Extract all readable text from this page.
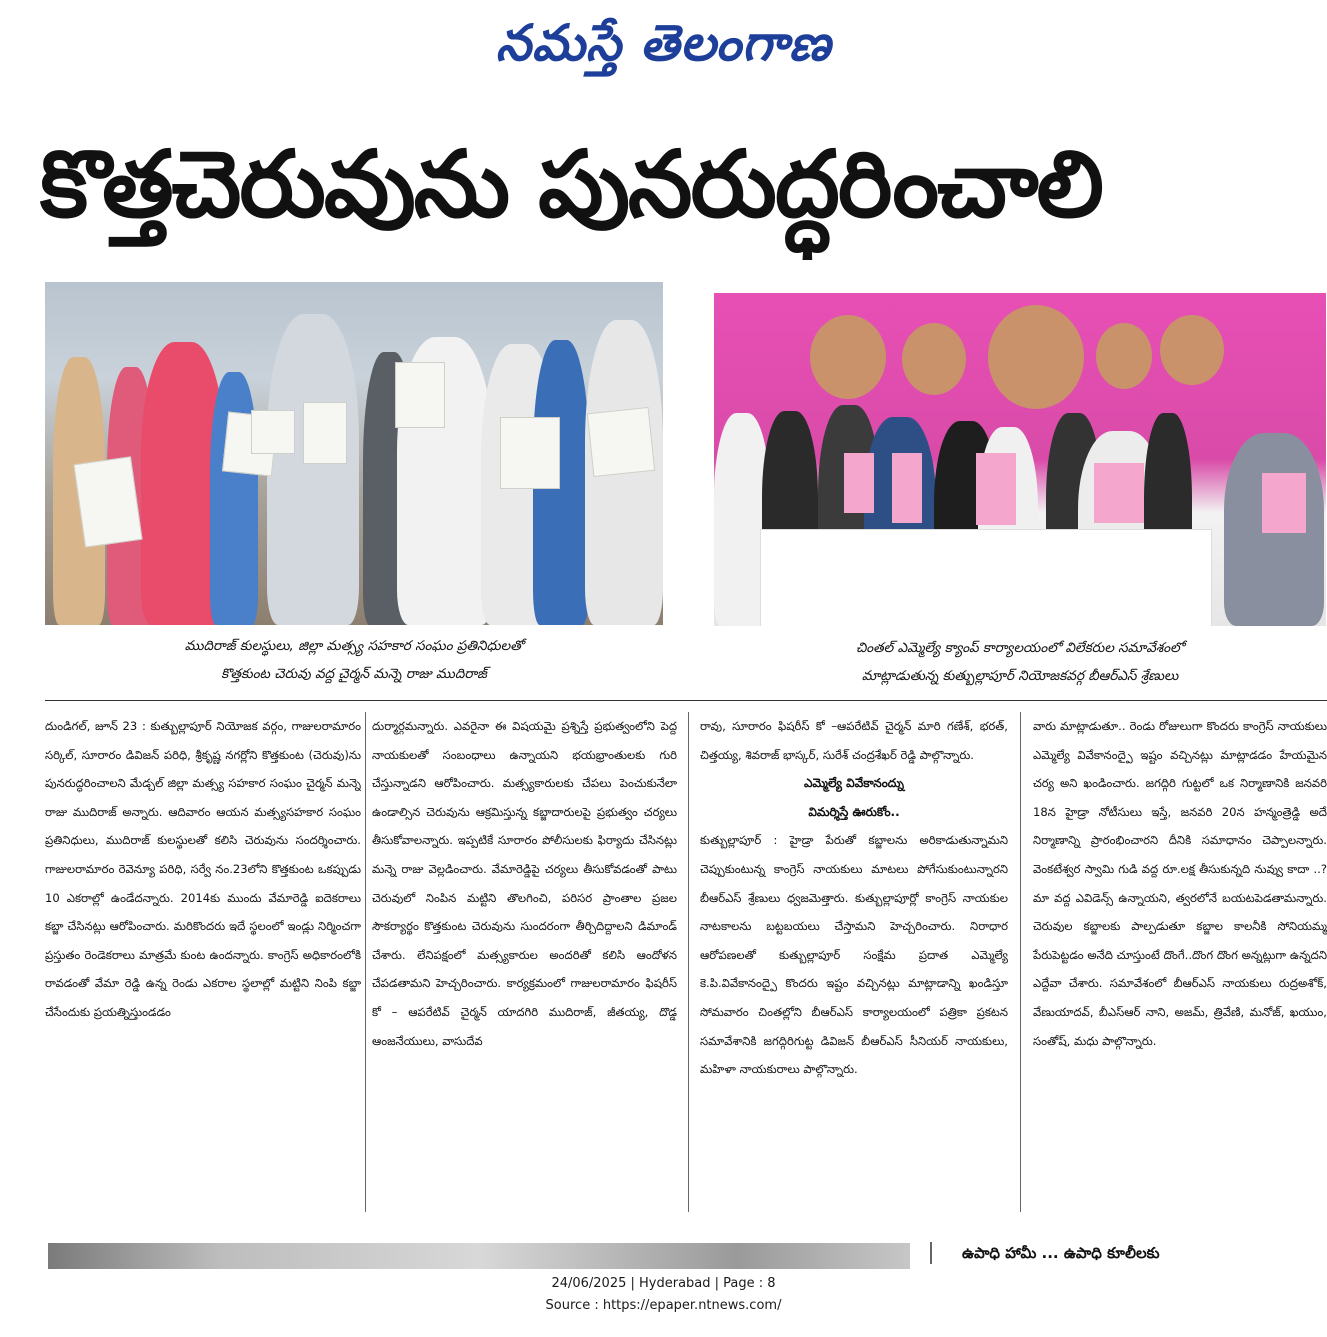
నమస్తే తెలంగాణ
కొత్తచెరువును పునరుద్ధరించాలి
ముదిరాజ్ కులస్థులు, జిల్లా మత్స్య సహకార సంఘం ప్రతినిధులతో
కొత్తకుంట చెరువు వద్ద చైర్మన్ మన్నె రాజు ముదిరాజ్
చింతల్ ఎమ్మెల్యే క్యాంప్ కార్యాలయంలో విలేకరుల సమావేశంలో
మాట్లాడుతున్న కుత్బుల్లాపూర్ నియోజకవర్గ బీఆర్ఎస్ శ్రేణులు
దుండిగల్, జూన్ 23 : కుత్బుల్లాపూర్ నియోజక వర్గం, గాజులరామారం సర్కిల్, సూరారం డివిజన్ పరిధి, శ్రీకృష్ణ నగర్లోని కొత్తకుంట (చెరువు)ను పునరుద్ధరించాలని మేడ్చల్ జిల్లా మత్స్య సహకార సంఘం చైర్మన్ మన్నె రాజు ముదిరాజ్ అన్నారు. ఆదివారం ఆయన మత్స్యసహకార సంఘం ప్రతినిధులు, ముదిరాజ్ కులస్థులతో కలిసి చెరువును సందర్శించారు. గాజులరామారం రెవెన్యూ పరిధి, సర్వే నం.23లోని కొత్తకుంట ఒకప్పుడు 10 ఎకరాల్లో ఉండేదన్నారు. 2014కు ముందు వేమారెడ్డి ఐదెకరాలు కబ్జా చేసినట్లు ఆరోపించారు. మరికొందరు ఇదే స్థలంలో ఇండ్లు నిర్మించగా ప్రస్తుతం రెండెకరాలు మాత్రమే కుంట ఉందన్నారు. కాంగ్రెస్ అధికారంలోకి రావడంతో వేమా రెడ్డి ఉన్న రెండు ఎకరాల స్థలాల్లో మట్టిని నింపి కబ్జా చేసేందుకు ప్రయత్నిస్తుండడం
దుర్మార్గమన్నారు. ఎవరైనా ఈ విషయమై ప్రశ్నిస్తే ప్రభుత్వంలోని పెద్ద నాయకులతో సంబంధాలు ఉన్నాయని భయభ్రాంతులకు గురి చేస్తున్నాడని ఆరోపించారు. మత్స్యకారులకు చేపలు పెంచుకునేలా ఉండాల్సిన చెరువును ఆక్రమిస్తున్న కబ్జాదారులపై ప్రభుత్వం చర్యలు తీసుకోవాలన్నారు. ఇప్పటికే సూరారం పోలీసులకు ఫిర్యాదు చేసినట్లు మన్నె రాజు వెల్లడించారు. వేమారెడ్డిపై చర్యలు తీసుకోవడంతో పాటు చెరువులో నింపిన మట్టిని తొలగించి, పరిసర ప్రాంతాల ప్రజల సౌకర్యార్థం కొత్తకుంట చెరువును సుందరంగా తీర్చిదిద్దాలని డిమాండ్ చేశారు. లేనిపక్షంలో మత్స్యకారుల అందరితో కలిసి ఆందోళన చేపడతామని హెచ్చరించారు. కార్యక్రమంలో గాజులరామారం ఫిషరీస్ కో – ఆపరేటివ్ చైర్మన్ యాదగిరి ముదిరాజ్, జీతయ్య, దొడ్డ ఆంజనేయులు, వాసుదేవ
రావు, సూరారం ఫిషరీస్ కో –ఆపరేటివ్ చైర్మన్ మారి గణేశ్, భరత్, చిత్తయ్య, శివరాజ్ భాస్కర్, సురేశ్ చంద్రశేఖర్ రెడ్డి పాల్గొన్నారు.
ఎమ్మెల్యే వివేకానంద్ను
విమర్శిస్తే ఊరుకోం..
కుత్బుల్లాపూర్ : హైడ్రా పేరుతో కబ్జాలను అరికాడుతున్నామని చెప్పుకుంటున్న కాంగ్రెస్ నాయకులు మాటలు పోగేసుకుంటున్నారని బీఆర్ఎస్ శ్రేణులు ధ్వజమెత్తారు. కుత్బుల్లాపూర్లో కాంగ్రెస్ నాయకుల నాటకాలను బట్టబయలు చేస్తామని హెచ్చరించారు. నిరాధార ఆరోపణలతో కుత్బుల్లాపూర్ సంక్షేమ ప్రదాత ఎమ్మెల్యే కె.పి.వివేకానంద్పై కొందరు ఇష్టం వచ్చినట్లు మాట్లాడాన్ని ఖండిస్తూ సోమవారం చింతల్లోని బీఆర్ఎస్ కార్యాలయంలో పత్రికా ప్రకటన సమావేశానికి జగద్గిరిగుట్ట డివిజన్ బీఆర్ఎస్ సీనియర్ నాయకులు, మహిళా నాయకురాలు పాల్గొన్నారు.
వారు మాట్లాడుతూ.. రెండు రోజులుగా కొందరు కాంగ్రెస్ నాయకులు ఎమ్మెల్యే వివేకానంద్పై ఇష్టం వచ్చినట్లు మాట్లాడడం హేయమైన చర్య అని ఖండించారు. జగద్గిరి గుట్టలో ఒక నిర్మాణానికి జనవరి 18న హైడ్రా నోటీసులు ఇస్తే, జనవరి 20న హన్మంత్రెడ్డి అదే నిర్మాణాన్ని ప్రారంభించారని దీనికి సమాధానం చెప్పాలన్నారు. వెంకటేశ్వర స్వామి గుడి వద్ద రూ.లక్ష తీసుకున్నది నువ్వు కాదా ..? మా వద్ద ఎవిడెన్స్ ఉన్నాయని, త్వరలోనే బయటపెడతామన్నారు. చెరువుల కబ్జాలకు పాల్పడుతూ కబ్జాల కాలనీకి సోనియమ్మ పేరుపెట్టడం అనేది చూస్తుంటే దొంగే..దొంగ దొంగ అన్నట్లుగా ఉన్నదని ఎద్దేవా చేశారు. సమావేశంలో బీఆర్ఎస్ నాయకులు రుద్రఅశోక్, వేణుయాదవ్, బీఎస్ఆర్ నాని, అజమ్, త్రివేణి, మనోజ్, ఖయుం, సంతోష్, మధు పాల్గొన్నారు.
ఉపాధి హామీ ... ఉపాధి కూలీలకు
24/06/2025 | Hyderabad | Page : 8
Source : https://epaper.ntnews.com/
